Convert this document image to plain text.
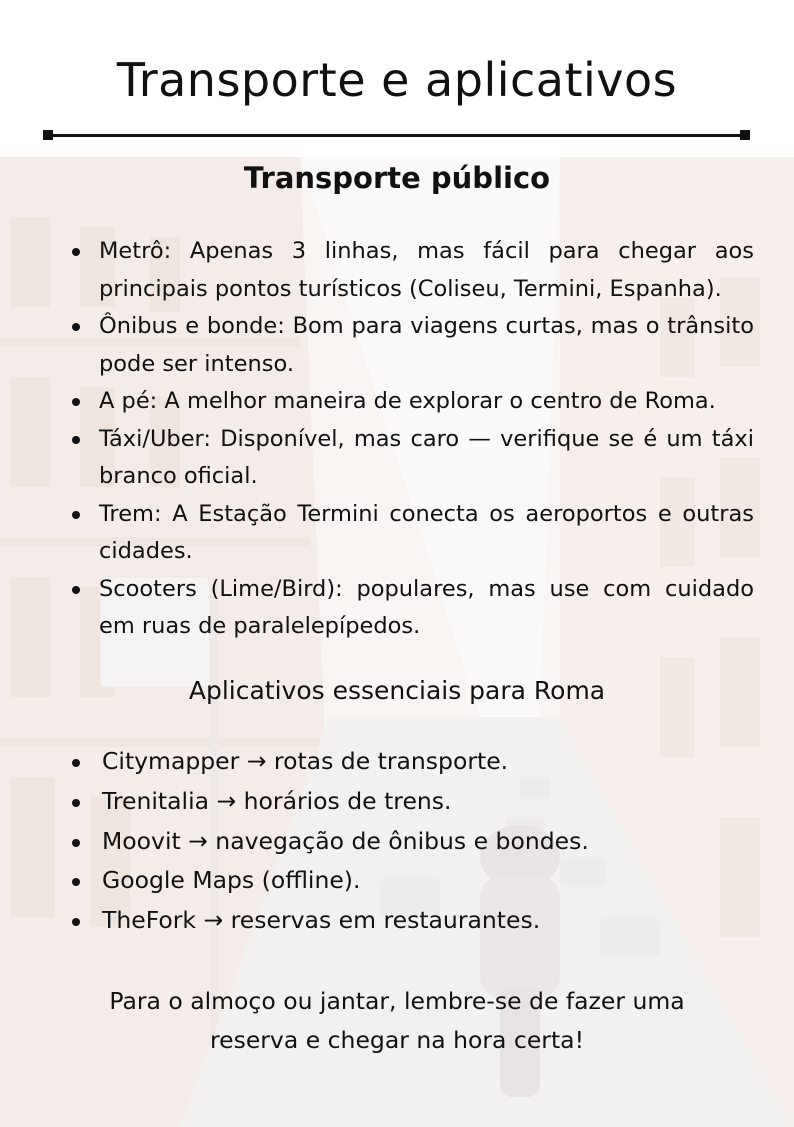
Transporte e aplicativos
Transporte público
Metrô: Apenas 3 linhas, mas fácil para chegar aos principais pontos turísticos (Coliseu, Termini, Espanha).
Ônibus e bonde: Bom para viagens curtas, mas o trânsito pode ser intenso.
A pé: A melhor maneira de explorar o centro de Roma.
Táxi/Uber: Disponível, mas caro — verifique se é um táxi branco oficial.
Trem: A Estação Termini conecta os aeroportos e outras cidades.
Scooters (Lime/Bird): populares, mas use com cuidado em ruas de paralelepípedos.
Aplicativos essenciais para Roma
Citymapper → rotas de transporte.
Trenitalia → horários de trens.
Moovit → navegação de ônibus e bondes.
Google Maps (offline).
TheFork → reservas em restaurantes.

Para o almoço ou jantar, lembre-se de fazer uma

reserva e chegar na hora certa!
